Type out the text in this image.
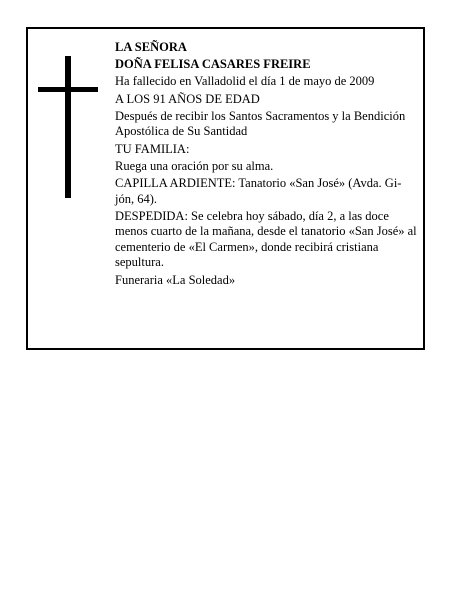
LA SEÑORA

DOÑA FELISA CASARES FREIRE

Ha fallecido en Valladolid el día 1 de mayo de 2009

A LOS 91 AÑOS DE EDAD

Después de recibir los Santos Sacramentos y la Bendición Apostólica de Su Santidad

TU FAMILIA:

Ruega una oración por su alma.

CAPILLA ARDIENTE: Tanatorio «San José» (Avda. Gi- jón, 64).

DESPEDIDA: Se celebra hoy sábado, día 2, a las doce menos cuarto de la mañana, desde el tanatorio «San José» al cementerio de «El Carmen», donde recibirá cristiana sepultura.

Funeraria «La Soledad»
